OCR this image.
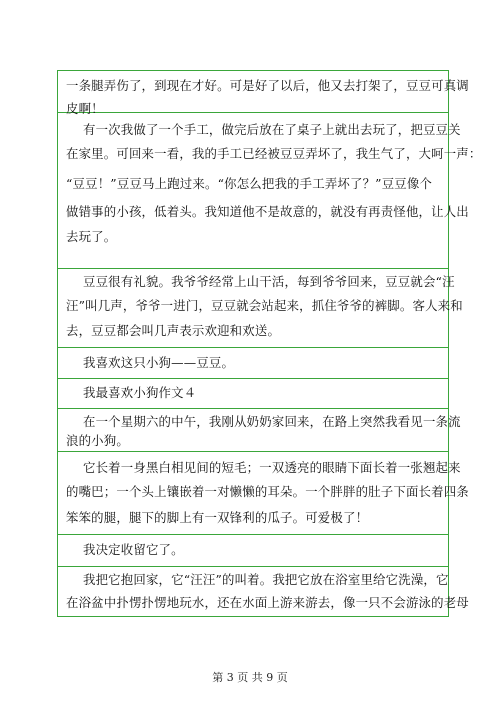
一条腿弄伤了，到现在才好。可是好了以后，他又去打架了，豆豆可真调
皮啊！
有一次我做了一个手工，做完后放在了桌子上就出去玩了，把豆豆关
在家里。可回来一看，我的手工已经被豆豆弄坏了，我生气了，大呵一声：
“豆豆！”豆豆马上跑过来。“你怎么把我的手工弄坏了？”豆豆像个
做错事的小孩，低着头。我知道他不是故意的，就没有再责怪他，让人出
去玩了。
豆豆很有礼貌。我爷爷经常上山干活，每到爷爷回来，豆豆就会“汪
汪”叫几声，爷爷一进门，豆豆就会站起来，抓住爷爷的裤脚。客人来和
去，豆豆都会叫几声表示欢迎和欢送。
我喜欢这只小狗——豆豆。
我最喜欢小狗作文４
在一个星期六的中午，我刚从奶奶家回来，在路上突然我看见一条流
浪的小狗。
它长着一身黑白相见间的短毛；一双透亮的眼睛下面长着一张翘起来
的嘴巴；一个头上镶嵌着一对懒懒的耳朵。一个胖胖的肚子下面长着四条
笨笨的腿，腿下的脚上有一双锋利的瓜子。可爱极了！
我决定收留它了。
我把它抱回家，它“汪汪”的叫着。我把它放在浴室里给它洗澡，它
在浴盆中扑愣扑愣地玩水，还在水面上游来游去，像一只不会游泳的老母
第 3 页 共 9 页
